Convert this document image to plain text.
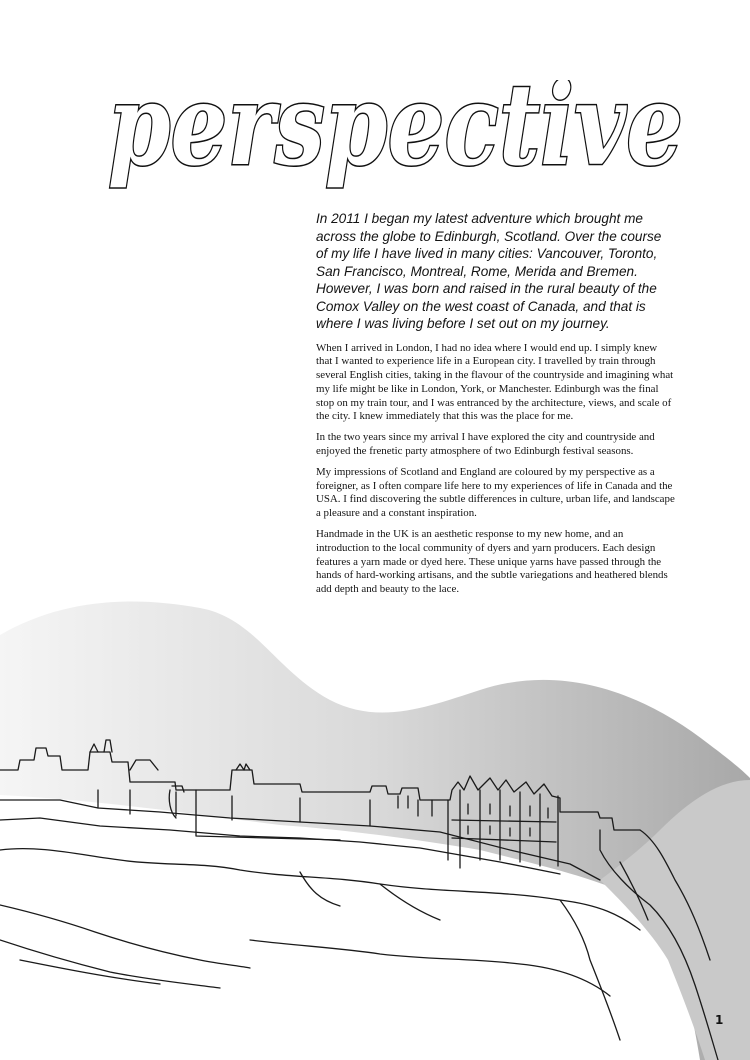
perspective

In 2011 I began my latest adventure which brought me across the globe to Edinburgh, Scotland. Over the course of my life I have lived in many cities: Vancouver, Toronto, San Francisco, Montreal, Rome, Merida and Bremen. However, I was born and raised in the rural beauty of the Comox Valley on the west coast of Canada, and that is where I was living before I set out on my journey.

When I arrived in London, I had no idea where I would end up. I simply knew that I wanted to experience life in a European city. I travelled by train through several English cities, taking in the flavour of the countryside and imagining what my life might be like in London, York, or Manchester. Edinburgh was the final stop on my train tour, and I was entranced by the architecture, views, and scale of the city. I knew immediately that this was the place for me.

In the two years since my arrival I have explored the city and countryside and enjoyed the frenetic party atmosphere of two Edinburgh festival seasons.

My impressions of Scotland and England are coloured by my perspective as a foreigner, as I often compare life here to my experiences of life in Canada and the USA. I find discovering the subtle differences in culture, urban life, and landscape a pleasure and a constant inspiration.

Handmade in the UK is an aesthetic response to my new home, and an introduction to the local community of dyers and yarn producers. Each design features a yarn made or dyed here. These unique yarns have passed through the hands of hard-working artisans, and the subtle variegations and heathered blends add depth and beauty to the lace.

1
